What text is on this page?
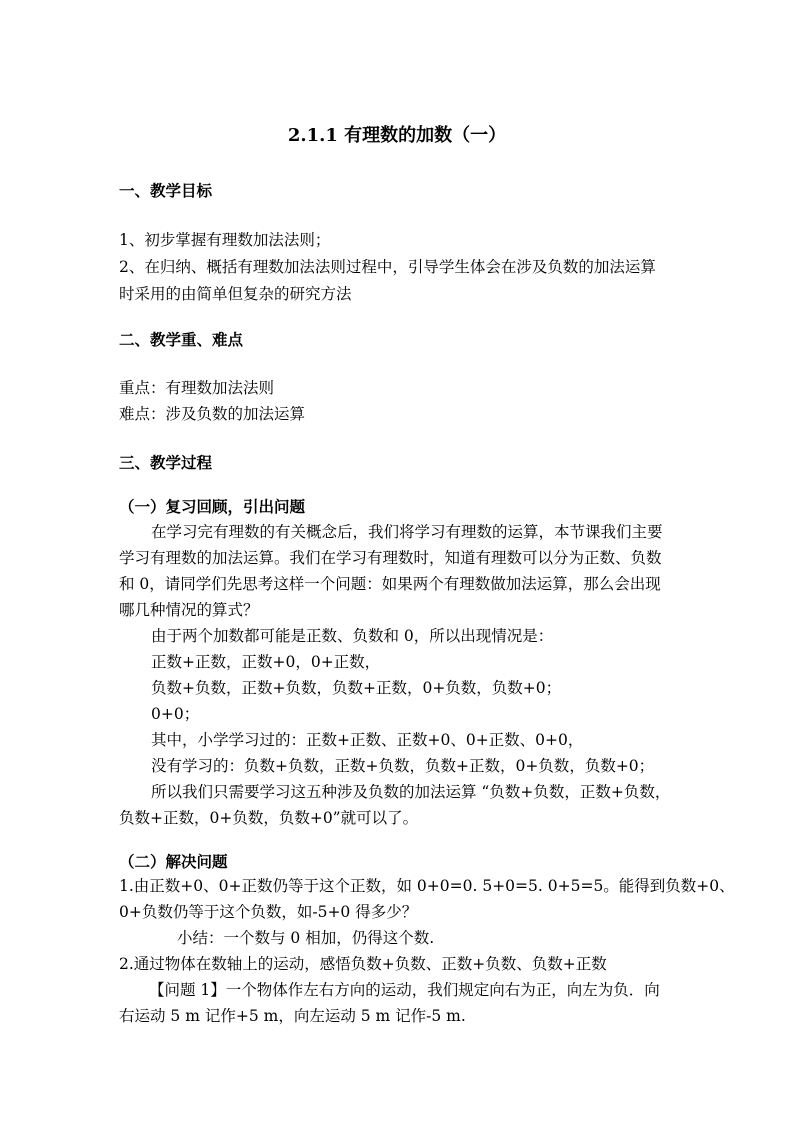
2.1.1 有理数的加数（一）
一、教学目标
1、初步掌握有理数加法法则；
2、在归纳、概括有理数加法法则过程中，引导学生体会在涉及负数的加法运算
时采用的由简单但复杂的研究方法
二、教学重、难点
重点：有理数加法法则
难点：涉及负数的加法运算
三、教学过程
（一）复习回顾，引出问题
在学习完有理数的有关概念后，我们将学习有理数的运算，本节课我们主要
学习有理数的加法运算。我们在学习有理数时，知道有理数可以分为正数、负数
和 0，请同学们先思考这样一个问题：如果两个有理数做加法运算，那么会出现
哪几种情况的算式？
由于两个加数都可能是正数、负数和 0，所以出现情况是：
正数+正数，正数+0，0+正数，
负数+负数，正数+负数，负数+正数，0+负数，负数+0；
0+0；
其中，小学学习过的：正数+正数、正数+0、0+正数、0+0，
没有学习的：负数+负数，正数+负数，负数+正数，0+负数，负数+0；
所以我们只需要学习这五种涉及负数的加法运算 “负数+负数，正数+负数，
负数+正数，0+负数，负数+0”就可以了。
（二）解决问题
1.由正数+0、0+正数仍等于这个正数，如 0+0=0. 5+0=5. 0+5=5。能得到负数+0、
0+负数仍等于这个负数，如-5+0 得多少？
小结：一个数与 0 相加，仍得这个数.
2.通过物体在数轴上的运动，感悟负数+负数、正数+负数、负数+正数
【问题 1】一个物体作左右方向的运动，我们规定向右为正，向左为负．向
右运动 5 m 记作+5 m，向左运动 5 m 记作-5 m.
